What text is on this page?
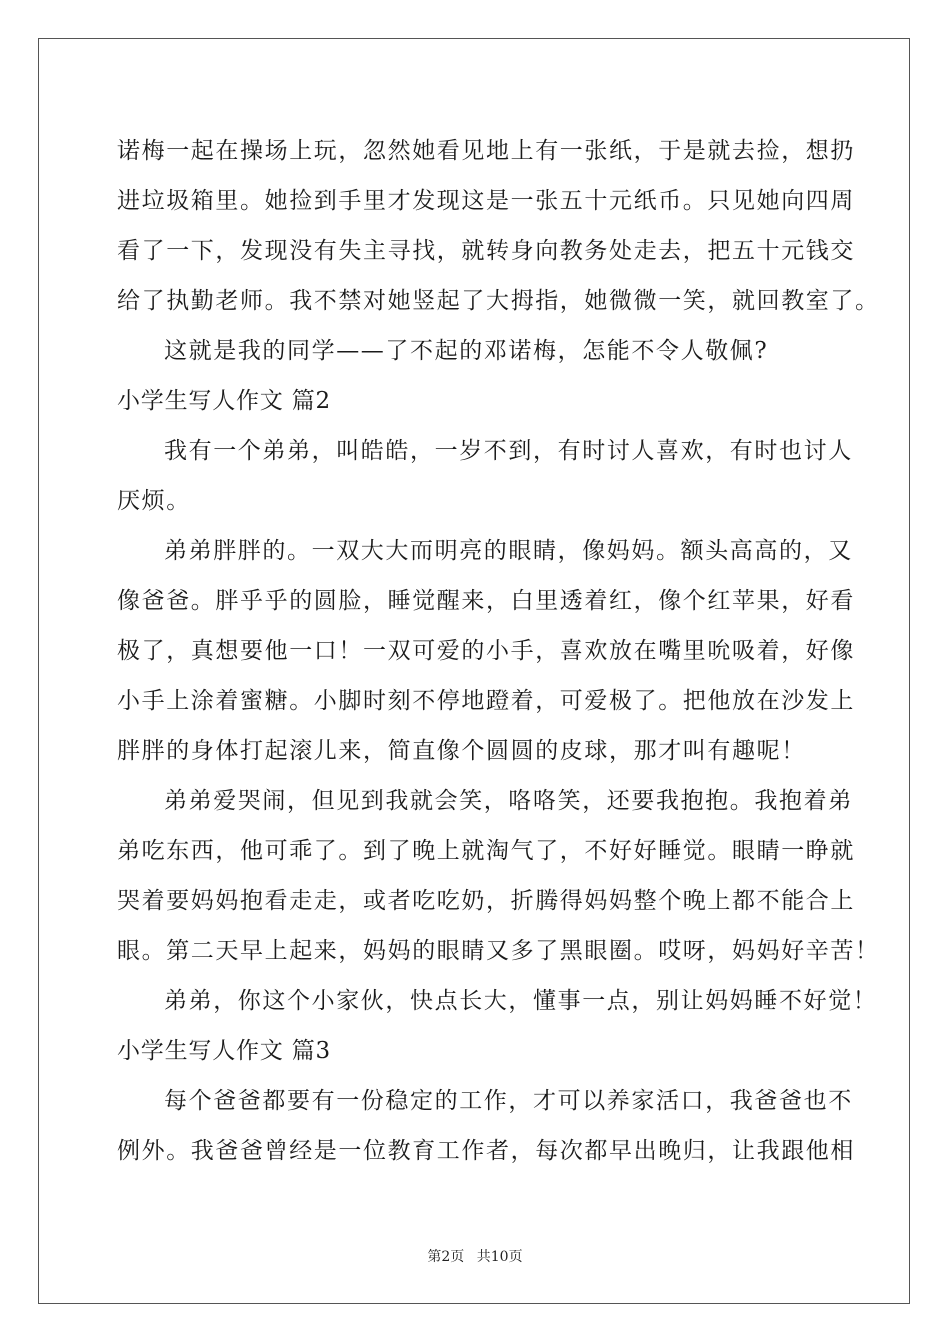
诺梅一起在操场上玩，忽然她看见地上有一张纸，于是就去捡，想扔
进垃圾箱里。她捡到手里才发现这是一张五十元纸币。只见她向四周
看了一下，发现没有失主寻找，就转身向教务处走去，把五十元钱交
给了执勤老师。我不禁对她竖起了大拇指，她微微一笑，就回教室了。
这就是我的同学——了不起的邓诺梅，怎能不令人敬佩?
小学生写人作文 篇2
我有一个弟弟，叫皓皓，一岁不到，有时讨人喜欢，有时也讨人
厌烦。
弟弟胖胖的。一双大大而明亮的眼睛，像妈妈。额头高高的，又
像爸爸。胖乎乎的圆脸，睡觉醒来，白里透着红，像个红苹果，好看
极了，真想要他一口！一双可爱的小手，喜欢放在嘴里吮吸着，好像
小手上涂着蜜糖。小脚时刻不停地蹬着，可爱极了。把他放在沙发上
胖胖的身体打起滚儿来，简直像个圆圆的皮球，那才叫有趣呢！
弟弟爱哭闹，但见到我就会笑，咯咯笑，还要我抱抱。我抱着弟
弟吃东西，他可乖了。到了晚上就淘气了，不好好睡觉。眼睛一睁就
哭着要妈妈抱看走走，或者吃吃奶，折腾得妈妈整个晚上都不能合上
眼。第二天早上起来，妈妈的眼睛又多了黑眼圈。哎呀，妈妈好辛苦！
弟弟，你这个小家伙，快点长大，懂事一点，别让妈妈睡不好觉！
小学生写人作文 篇3
每个爸爸都要有一份稳定的工作，才可以养家活口，我爸爸也不
例外。我爸爸曾经是一位教育工作者，每次都早出晚归，让我跟他相
第2页 共10页
